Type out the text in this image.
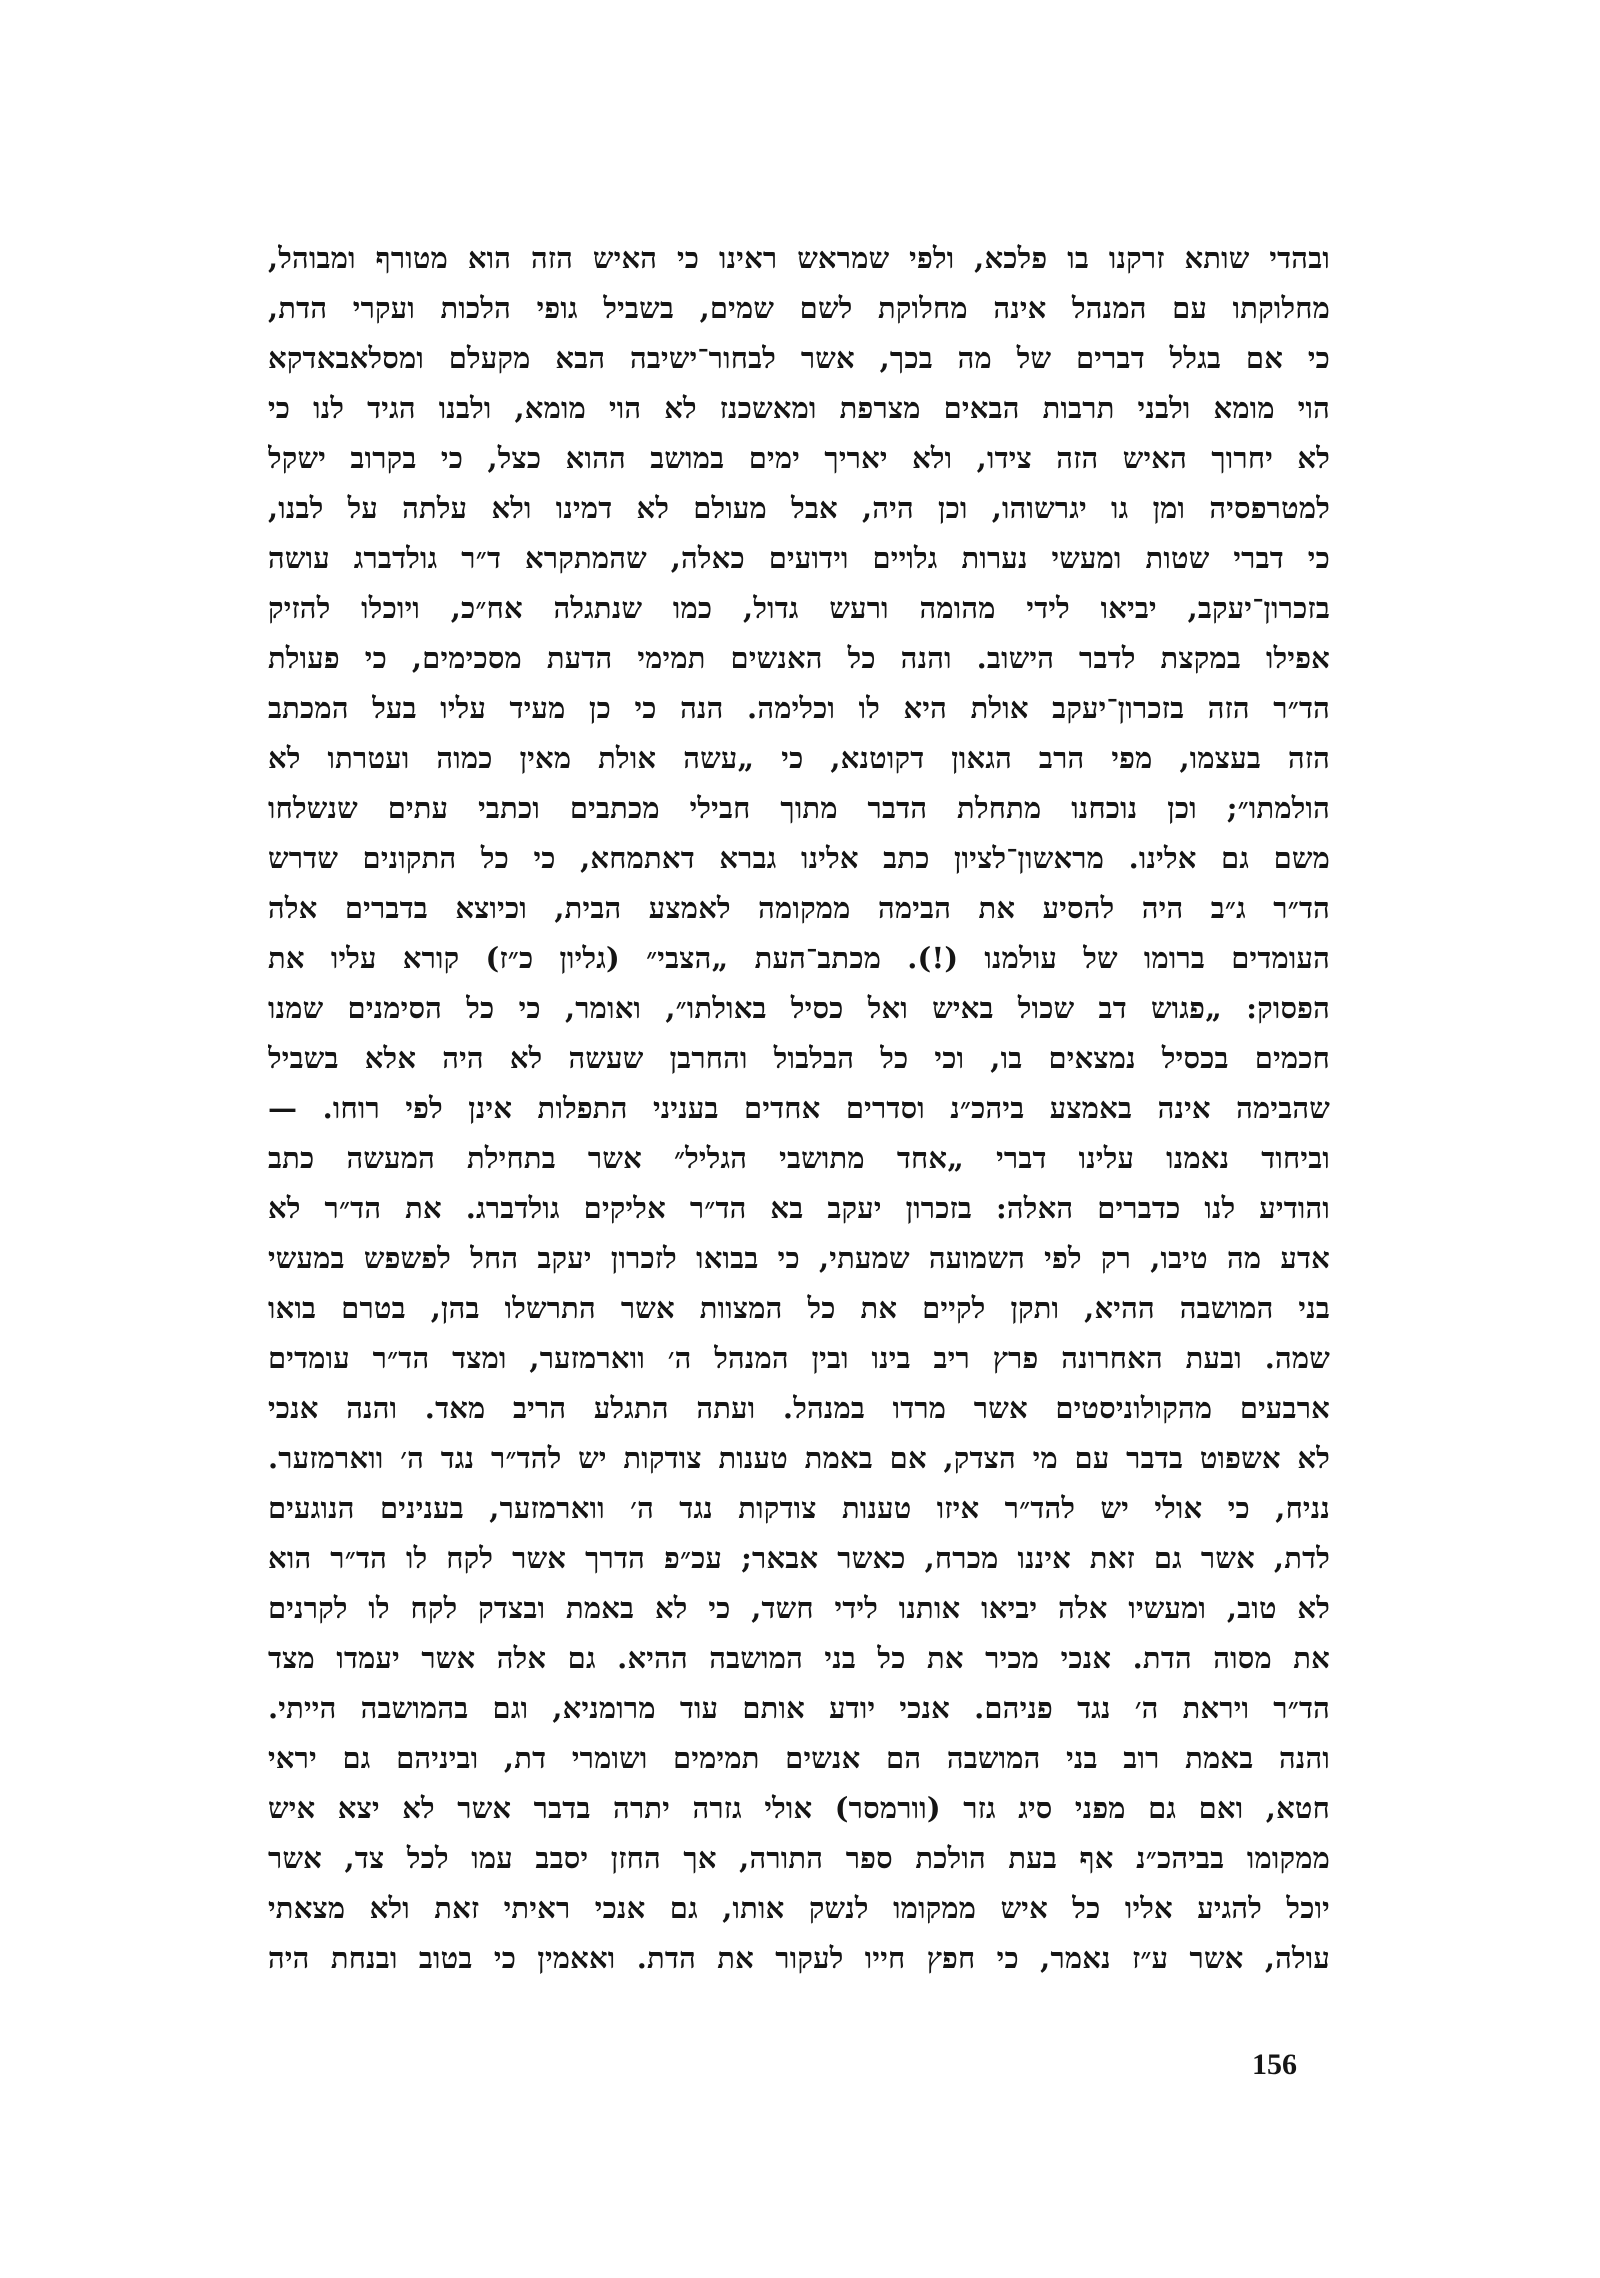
ובהדי שותא זרקנו בו פלכא, ולפי שמראש ראינו כי האיש הזה הוא מטורף ומבוהל,
מחלוקתו עם המנהל אינה מחלוקת לשם שמים, בשביל גופי הלכות ועקרי הדת,
כי אם בגלל דברים של מה בכך, אשר לבחור־ישיבה הבא מקעלם ומסלאבאדקא
הוי מומא ולבני תרבות הבאים מצרפת ומאשכנז לא הוי מומא, ולבנו הגיד לנו כי
לא יחרוך האיש הזה צידו, ולא יאריך ימים במושב ההוא כצל, כי בקרוב ישקל
למטרפסיה ומן גו יגרשוהו, וכן היה, אבל מעולם לא דמינו ולא עלתה על לבנו,
כי דברי שטות ומעשי נערות גלויים וידועים כאלה, שהמתקרא ד״ר גולדברג עושה
בזכרון־יעקב, יביאו לידי מהומה ורעש גדול, כמו שנתגלה אח״כ, ויוכלו להזיק
אפילו במקצת לדבר הישוב. והנה כל האנשים תמימי הדעת מסכימים, כי פעולת
הד״ר הזה בזכרון־יעקב אולת היא לו וכלימה. הנה כי כן מעיד עליו בעל המכתב
הזה בעצמו, מפי הרב הגאון דקוטנא, כי „עשה אולת מאין כמוה ועטרתו לא
הולמתו״; וכן נוכחנו מתחלת הדבר מתוך חבילי מכתבים וכתבי עתים שנשלחו
משם גם אלינו. מראשון־לציון כתב אלינו גברא דאתמחא, כי כל התקונים שדרש
הד״ר ג״ב היה להסיע את הבימה ממקומה לאמצע הבית, וכיוצא בדברים אלה
העומדים ברומו של עולמנו (!). מכתב־העת „הצבי״ (גליון כ״ז) קורא עליו את
הפסוק: „פגוש דב שכול באיש ואל כסיל באולתו״, ואומר, כי כל הסימנים שמנו
חכמים בכסיל נמצאים בו, וכי כל הבלבול והחרבן שעשה לא היה אלא בשביל
שהבימה אינה באמצע ביהכ״נ וסדרים אחדים בעניני התפלות אינן לפי רוחו. —
וביחוד נאמנו עלינו דברי „אחד מתושבי הגליל״ אשר בתחילת המעשה כתב
והודיע לנו כדברים האלה: בזכרון יעקב בא הד״ר אליקים גולדברג. את הד״ר לא
אדע מה טיבו, רק לפי השמועה שמעתי, כי בבואו לזכרון יעקב החל לפשפש במעשי
בני המושבה ההיא, ותקן לקיים את כל המצוות אשר התרשלו בהן, בטרם בואו
שמה. ובעת האחרונה פרץ ריב בינו ובין המנהל ה׳ ווארמזער, ומצד הד״ר עומדים
ארבעים מהקולוניסטים אשר מרדו במנהל. ועתה התגלע הריב מאד. והנה אנכי
לא אשפוט בדבר עם מי הצדק, אם באמת טענות צודקות יש להד״ר נגד ה׳ ווארמזער.
נניח, כי אולי יש להד״ר איזו טענות צודקות נגד ה׳ ווארמזער, בענינים הנוגעים
לדת, אשר גם זאת איננו מכרח, כאשר אבאר; עכ״פ הדרך אשר לקח לו הד״ר הוא
לא טוב, ומעשיו אלה יביאו אותנו לידי חשד, כי לא באמת ובצדק לקח לו לקרנים
את מסוה הדת. אנכי מכיר את כל בני המושבה ההיא. גם אלה אשר יעמדו מצד
הד״ר ויראת ה׳ נגד פניהם. אנכי יודע אותם עוד מרומניא, וגם בהמושבה הייתי.
והנה באמת רוב בני המושבה הם אנשים תמימים ושומרי דת, וביניהם גם יראי
חטא, ואם גם מפני סיג גזר (וורמסר) אולי גזרה יתרה בדבר אשר לא יצא איש
ממקומו בביהכ״נ אף בעת הולכת ספר התורה, אך החזן יסבב עמו לכל צד, אשר
יוכל להגיע אליו כל איש ממקומו לנשק אותו, גם אנכי ראיתי זאת ולא מצאתי
עולה, אשר ע״ז נאמר, כי חפץ חייו לעקור את הדת. ואאמין כי בטוב ובנחת היה
156
